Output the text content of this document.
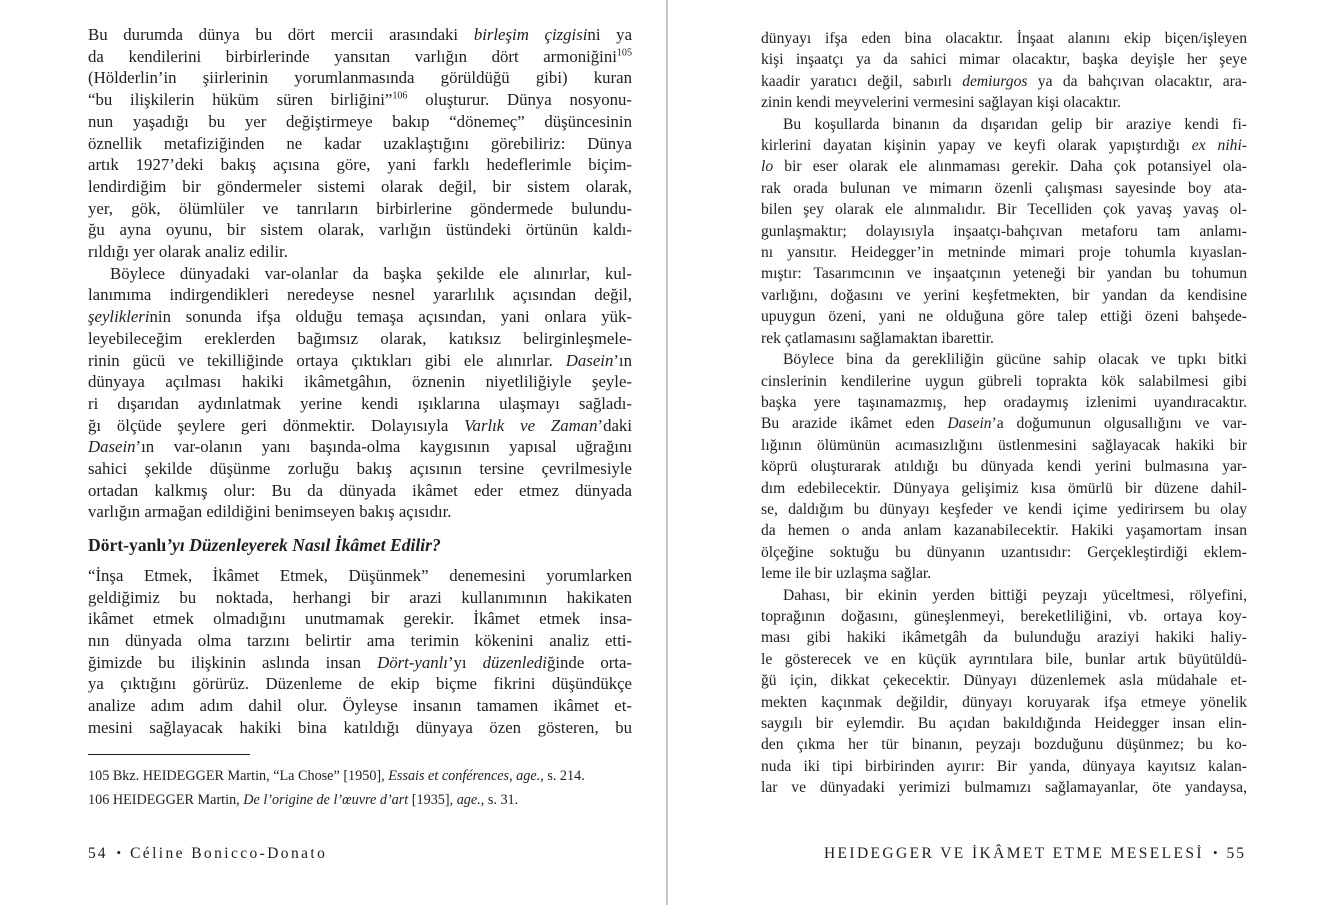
Bu durumda dünya bu dört mercii arasındaki birleşim çizgisini ya
da kendilerini birbirlerinde yansıtan varlığın dört armoniğini$^{105}$
(Hölderlin’in şiirlerinin yorumlanmasında görüldüğü gibi) kuran
“bu ilişkilerin hüküm süren birliğini”$^{106}$ oluşturur. Dünya nosyonu-
nun yaşadığı bu yer değiştirmeye bakıp “dönemeç” düşüncesinin
öznellik metafiziğinden ne kadar uzaklaştığını görebiliriz: Dünya
artık 1927’deki bakış açısına göre, yani farklı hedeflerimle biçim-
lendirdiğim bir göndermeler sistemi olarak değil, bir sistem olarak,
yer, gök, ölümlüler ve tanrıların birbirlerine göndermede bulundu-
ğu ayna oyunu, bir sistem olarak, varlığın üstündeki örtünün kaldı-
rıldığı yer olarak analiz edilir.
Böylece dünyadaki var-olanlar da başka şekilde ele alınırlar, kul-
lanımıma indirgendikleri neredeyse nesnel yararlılık açısından değil,
şeyliklerinin sonunda ifşa olduğu temaşa açısından, yani onlara yük-
leyebileceğim ereklerden bağımsız olarak, katıksız belirginleşmele-
rinin gücü ve tekilliğinde ortaya çıktıkları gibi ele alınırlar. Dasein’ın
dünyaya açılması hakiki ikâmetgâhın, öznenin niyetliliğiyle şeyle-
ri dışarıdan aydınlatmak yerine kendi ışıklarına ulaşmayı sağladı-
ğı ölçüde şeylere geri dönmektir. Dolayısıyla Varlık ve Zaman’daki
Dasein’ın var-olanın yanı başında-olma kaygısının yapısal uğrağını
sahici şekilde düşünme zorluğu bakış açısının tersine çevrilmesiyle
ortadan kalkmış olur: Bu da dünyada ikâmet eder etmez dünyada
varlığın armağan edildiğini benimseyen bakış açısıdır.
Dört-yanlı’yı Düzenleyerek Nasıl İkâmet Edilir?
“İnşa Etmek, İkâmet Etmek, Düşünmek” denemesini yorumlarken
geldiğimiz bu noktada, herhangi bir arazi kullanımının hakikaten
ikâmet etmek olmadığını unutmamak gerekir. İkâmet etmek insa-
nın dünyada olma tarzını belirtir ama terimin kökenini analiz etti-
ğimizde bu ilişkinin aslında insan Dört-yanlı’yı düzenlediğinde orta-
ya çıktığını görürüz. Düzenleme de ekip biçme fikrini düşündükçe
analize adım adım dahil olur. Öyleyse insanın tamamen ikâmet et-
mesini sağlayacak hakiki bina katıldığı dünyaya özen gösteren, bu
105 Bkz. HEIDEGGER Martin, “La Chose” [1950], Essais et conférences, age., s. 214.
106 HEIDEGGER Martin, De l’origine de l’œuvre d’art [1935], age., s. 31.
dünyayı ifşa eden bina olacaktır. İnşaat alanını ekip biçen/işleyen
kişi inşaatçı ya da sahici mimar olacaktır, başka deyişle her şeye
kaadir yaratıcı değil, sabırlı demiurgos ya da bahçıvan olacaktır, ara-
zinin kendi meyvelerini vermesini sağlayan kişi olacaktır.
Bu koşullarda binanın da dışarıdan gelip bir araziye kendi fi-
kirlerini dayatan kişinin yapay ve keyfi olarak yapıştırdığı ex nihi-
lo bir eser olarak ele alınmaması gerekir. Daha çok potansiyel ola-
rak orada bulunan ve mimarın özenli çalışması sayesinde boy ata-
bilen şey olarak ele alınmalıdır. Bir Tecelliden çok yavaş yavaş ol-
gunlaşmaktır; dolayısıyla inşaatçı-bahçıvan metaforu tam anlamı-
nı yansıtır. Heidegger’in metninde mimari proje tohumla kıyaslan-
mıştır: Tasarımcının ve inşaatçının yeteneği bir yandan bu tohumun
varlığını, doğasını ve yerini keşfetmekten, bir yandan da kendisine
upuygun özeni, yani ne olduğuna göre talep ettiği özeni bahşede-
rek çatlamasını sağlamaktan ibarettir.
Böylece bina da gerekliliğin gücüne sahip olacak ve tıpkı bitki
cinslerinin kendilerine uygun gübreli toprakta kök salabilmesi gibi
başka yere taşınamazmış, hep oradaymış izlenimi uyandıracaktır.
Bu arazide ikâmet eden Dasein’a doğumunun olgusallığını ve var-
lığının ölümünün acımasızlığını üstlenmesini sağlayacak hakiki bir
köprü oluşturarak atıldığı bu dünyada kendi yerini bulmasına yar-
dım edebilecektir. Dünyaya gelişimiz kısa ömürlü bir düzene dahil-
se, daldığım bu dünyayı keşfeder ve kendi içime yedirirsem bu olay
da hemen o anda anlam kazanabilecektir. Hakiki yaşamortam insan
ölçeğine soktuğu bu dünyanın uzantısıdır: Gerçekleştirdiği eklem-
leme ile bir uzlaşma sağlar.
Dahası, bir ekinin yerden bittiği peyzajı yüceltmesi, rölyefini,
toprağının doğasını, güneşlenmeyi, bereketliliğini, vb. ortaya koy-
ması gibi hakiki ikâmetgâh da bulunduğu araziyi hakiki haliy-
le gösterecek ve en küçük ayrıntılara bile, bunlar artık büyütüldü-
ğü için, dikkat çekecektir. Dünyayı düzenlemek asla müdahale et-
mekten kaçınmak değildir, dünyayı koruyarak ifşa etmeye yönelik
saygılı bir eylemdir. Bu açıdan bakıldığında Heidegger insan elin-
den çıkma her tür binanın, peyzajı bozduğunu düşünmez; bu ko-
nuda iki tipi birbirinden ayırır: Bir yanda, dünyaya kayıtsız kalan-
lar ve dünyadaki yerimizi bulmamızı sağlamayanlar, öte yandaysa,
54 • Céline Bonicco-Donato	HEIDEGGER VE İKÂMET ETME MESELESİ • 55
